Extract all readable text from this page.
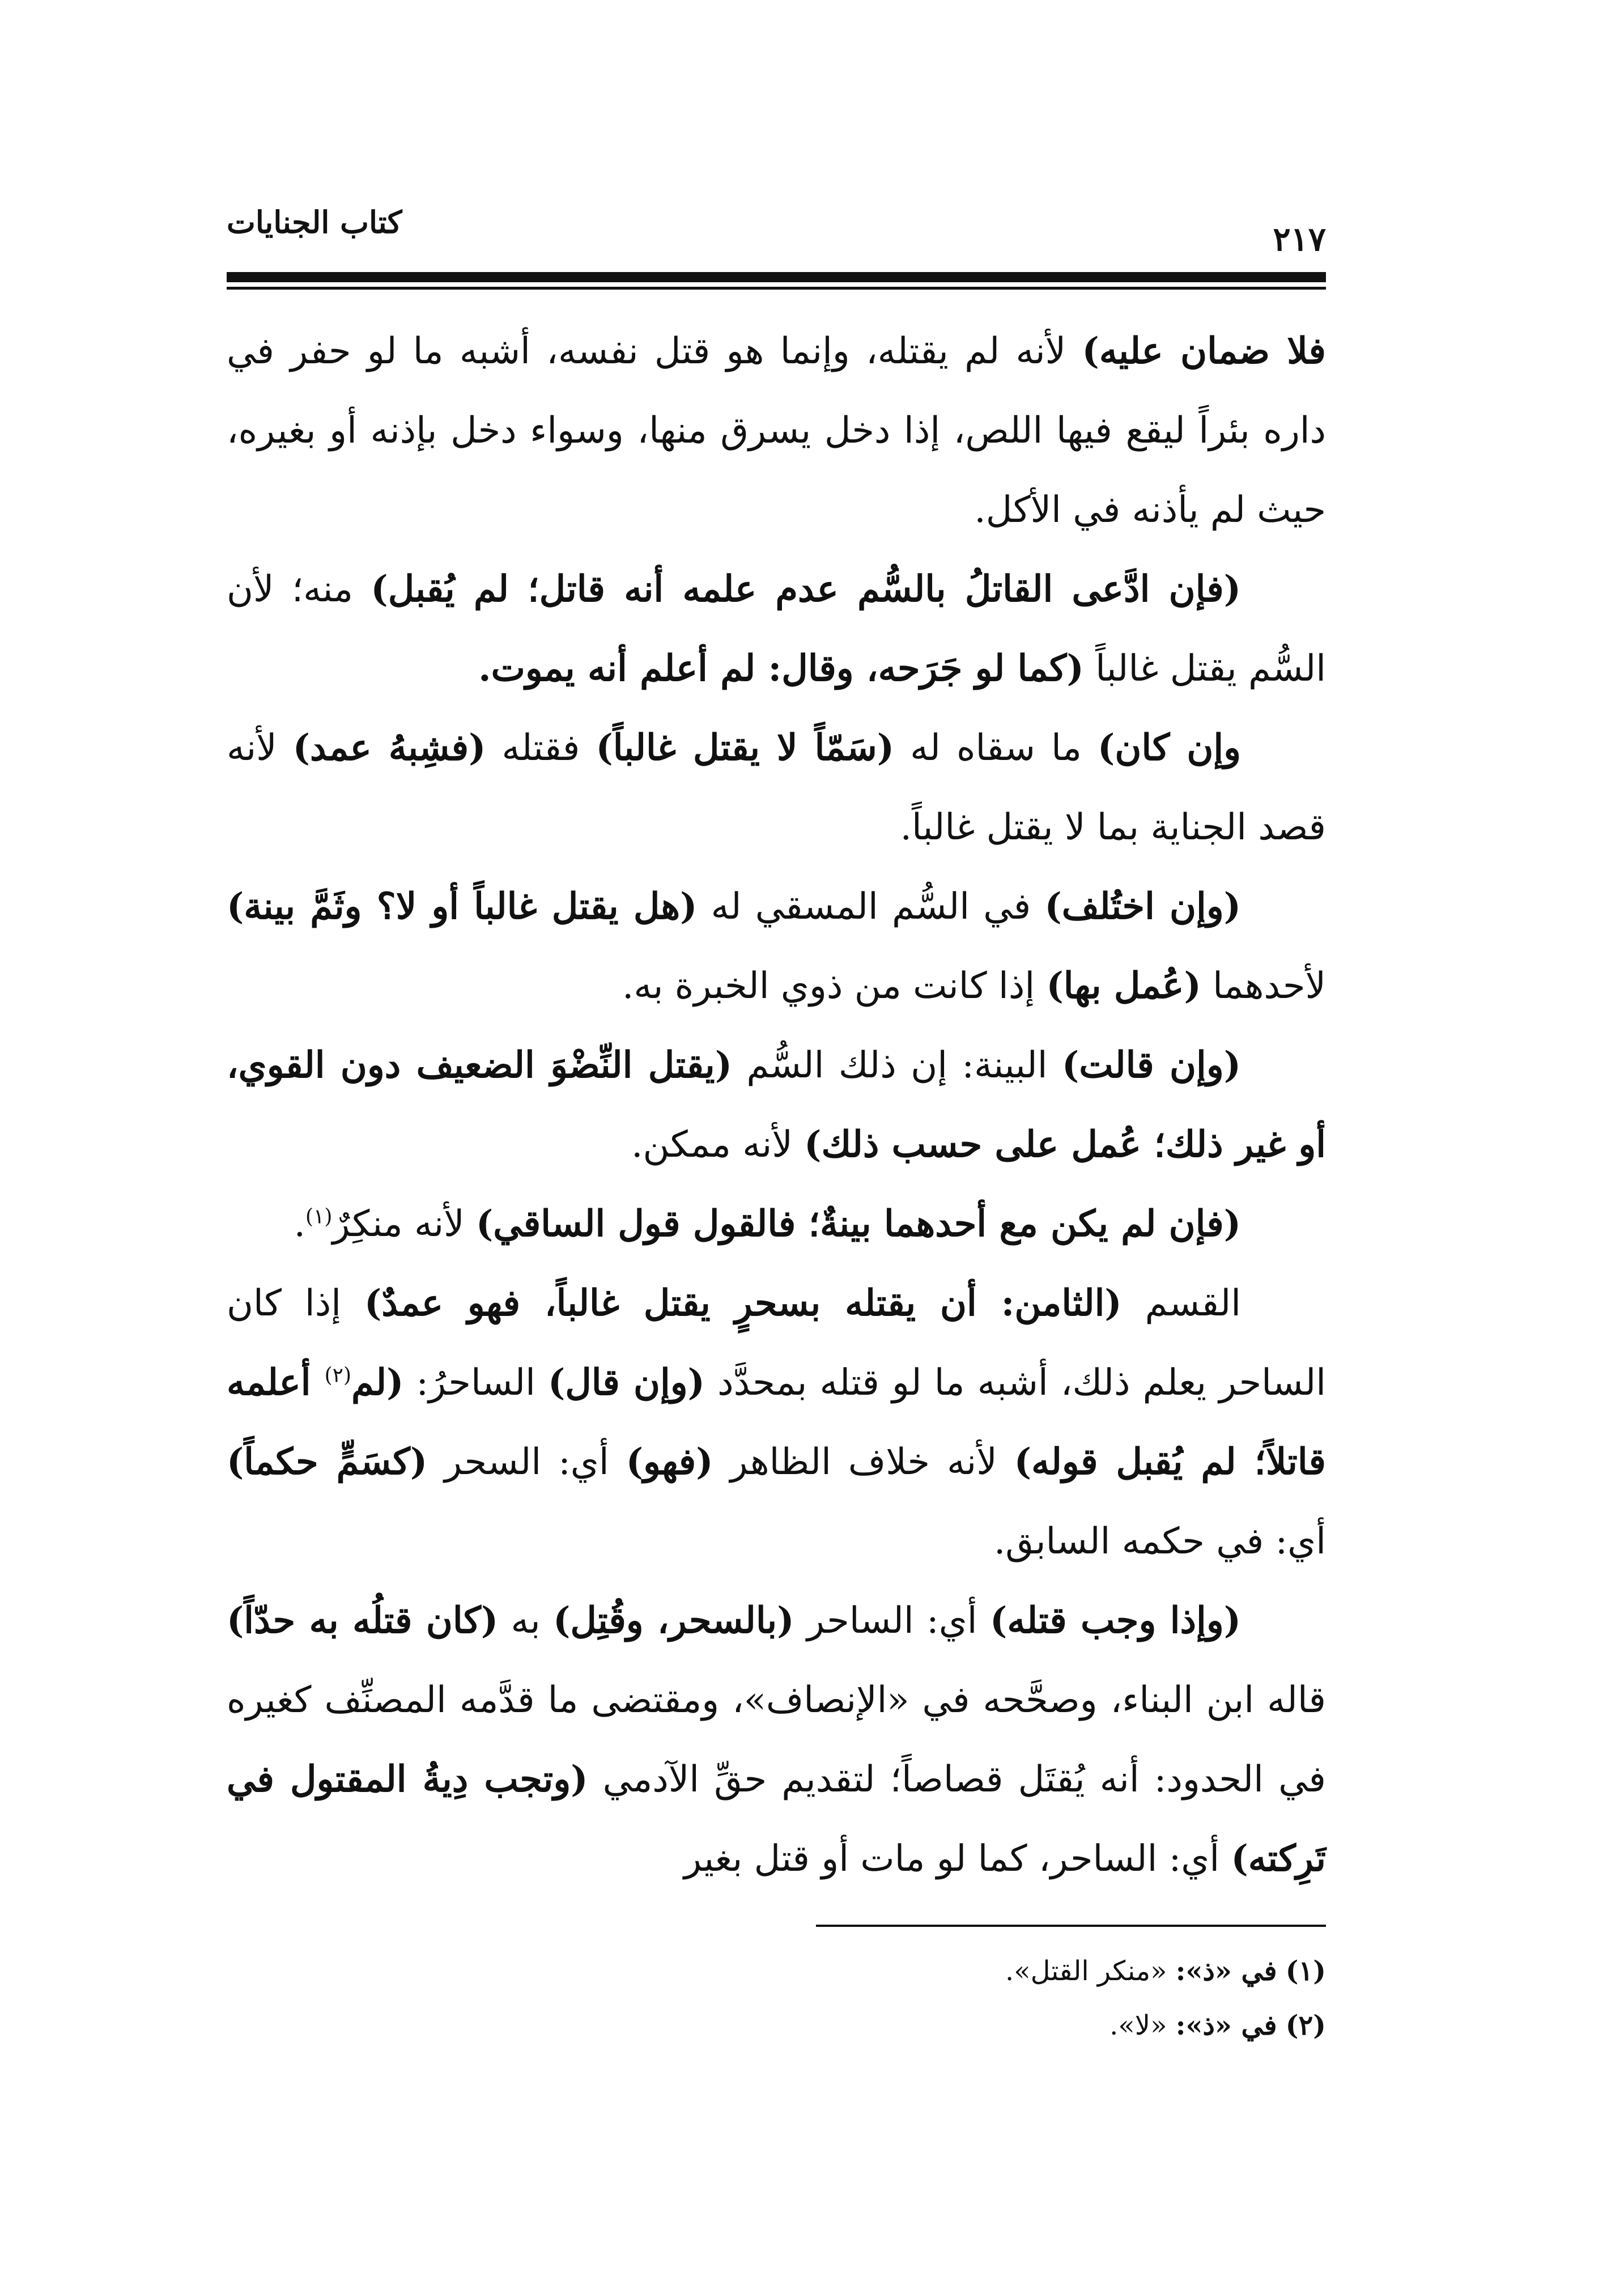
كتاب الجنايات	٢١٧

فلا ضمان عليه) لأنه لم يقتله، وإنما هو قتل نفسه، أشبه ما لو حفر في داره بئراً ليقع فيها اللص، إذا دخل يسرق منها، وسواء دخل بإذنه أو بغيره، حيث لم يأذنه في الأكل.

(فإن ادَّعى القاتلُ بالسُّم عدم علمه أنه قاتل؛ لم يُقبل) منه؛ لأن السُّم يقتل غالباً (كما لو جَرَحه، وقال: لم أعلم أنه يموت.

وإن كان) ما سقاه له (سَمّاً لا يقتل غالباً) فقتله (فشِبهُ عمد) لأنه قصد الجناية بما لا يقتل غالباً.

(وإن اختُلف) في السُّم المسقي له (هل يقتل غالباً أو لا؟ وثَمَّ بينة) لأحدهما (عُمل بها) إذا كانت من ذوي الخبرة به.

(وإن قالت) البينة: إن ذلك السُّم (يقتل النِّضْوَ الضعيف دون القوي، أو غير ذلك؛ عُمل على حسب ذلك) لأنه ممكن.

(فإن لم يكن مع أحدهما بينةٌ؛ فالقول قول الساقي) لأنه منكِرٌ$^{(١)}$.

القسم (الثامن: أن يقتله بسحرٍ يقتل غالباً، فهو عمدٌ) إذا كان الساحر يعلم ذلك، أشبه ما لو قتله بمحدَّد (وإن قال) الساحرُ: (لم$^{(٢)}$ أعلمه قاتلاً؛ لم يُقبل قوله) لأنه خلاف الظاهر (فهو) أي: السحر (كسَمٍّ حكماً) أي: في حكمه السابق.

(وإذا وجب قتله) أي: الساحر (بالسحر، وقُتِل) به (كان قتلُه به حدّاً) قاله ابن البناء، وصحَّحه في «الإنصاف»، ومقتضى ما قدَّمه المصنِّف كغيره في الحدود: أنه يُقتَل قصاصاً؛ لتقديم حقِّ الآدمي (وتجب دِيةُ المقتول في تَرِكته) أي: الساحر، كما لو مات أو قتل بغير

(١) في «ذ»: «منكر القتل».

(٢) في «ذ»: «لا».
